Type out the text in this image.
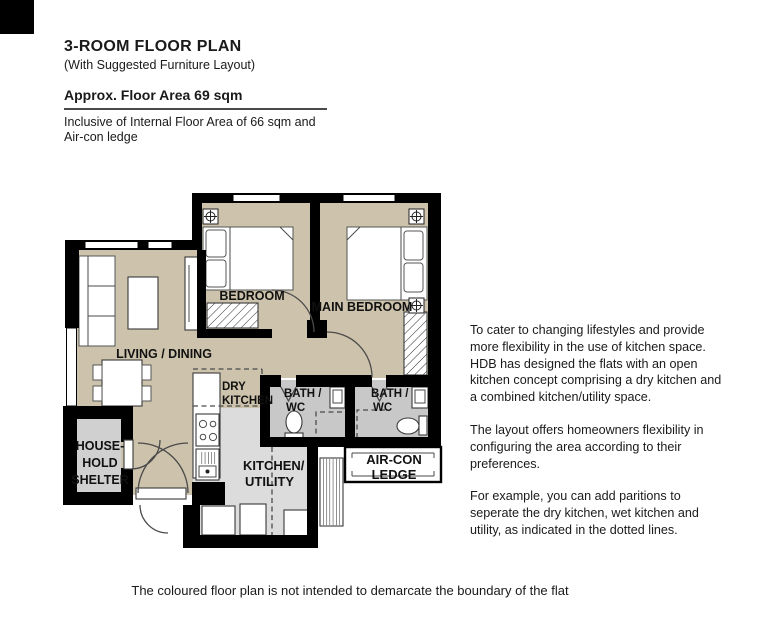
3-ROOM FLOOR PLAN
(With Suggested Furniture Layout)
Approx. Floor Area 69 sqm
Inclusive of Internal Floor Area of 66 sqm and
Air-con ledge
LIVING / DINING
BEDROOM
MAIN BEDROOM
DRY
KITCHEN
BATH /
WC
BATH /
WC
KITCHEN/
UTILITY
HOUSE-
HOLD
SHELTER
AIR-CON
LEDGE

To cater to changing lifestyles and provide more flexibility in the use of kitchen space. HDB has designed the flats with an open kitchen concept comprising a dry kitchen and a combined kitchen/utility space.

The layout offers homeowners flexibility in configuring the area according to their preferences.

For example, you can add paritions to seperate the dry kitchen, wet kitchen and utility, as indicated in the dotted lines.

The coloured floor plan is not intended to demarcate the boundary of the flat
